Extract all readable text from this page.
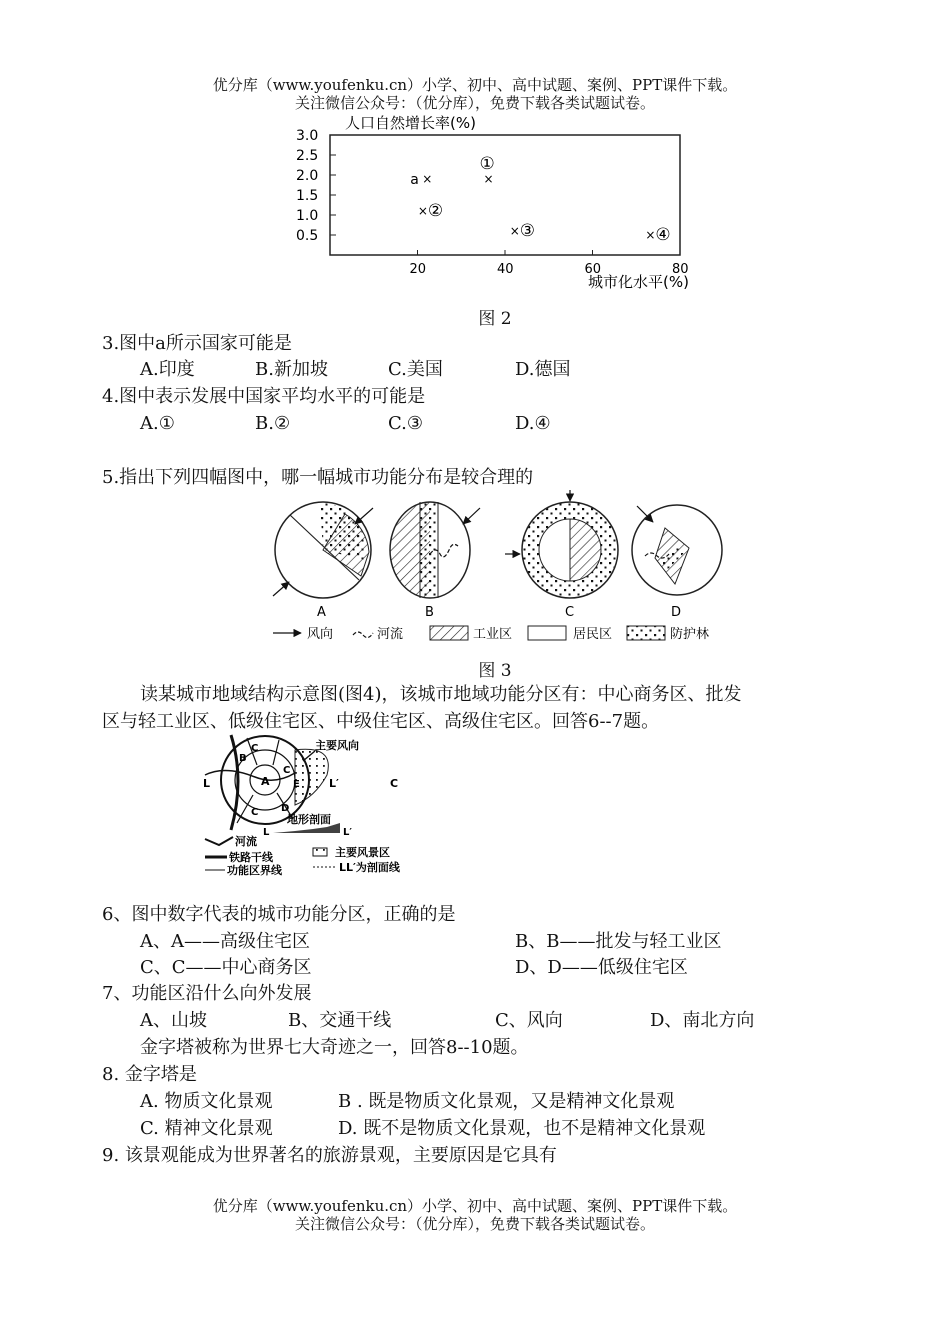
优分库（www.youfenku.cn）小学、初中、高中试题、案例、PPT课件下载。
关注微信公众号：（优分库），免费下载各类试题试卷。
人口自然增长率(%)
0.5
1.0
1.5
2.0
2.5
3.0
20	40	60	80
×
a	×
①
× ②
× ③	× ④
城市化水平(%)
图 2
3.图中a所示国家可能是
A.印度	B.新加坡	C.美国	D.德国
4.图中表示发展中国家平均水平的可能是
A.①	B.②	C.③	D.④
5.指出下列四幅图中，哪一幅城市功能分布是较合理的
A	B	C	D
风向	河流	工业区	居民区	防护林
图 3
读某城市地域结构示意图(图4)，该城市地域功能分区有：中心商务区、批发
区与轻工业区、低级住宅区、中级住宅区、高级住宅区。回答6--7题。
A
B
C
C
C
C
D
E
L	L′
主要风向
地形剖面
L	L′
河流
铁路干线
功能区界线
主要风景区
LL′为剖面线
6、图中数字代表的城市功能分区，正确的是
A、A——高级住宅区	B、B——批发与轻工业区
C、C——中心商务区	D、D——低级住宅区
7、功能区沿什么向外发展
A、山坡	B、交通干线	C、风向	D、南北方向
金字塔被称为世界七大奇迹之一，回答8--10题。
8. 金字塔是
A. 物质文化景观	B . 既是物质文化景观，又是精神文化景观
C. 精神文化景观	D. 既不是物质文化景观，也不是精神文化景观
9. 该景观能成为世界著名的旅游景观，主要原因是它具有
优分库（www.youfenku.cn）小学、初中、高中试题、案例、PPT课件下载。
关注微信公众号：（优分库），免费下载各类试题试卷。
